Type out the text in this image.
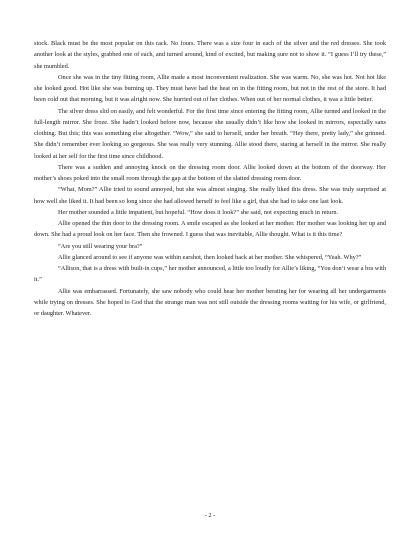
stock. Black must be the most popular on this rack. No fours. There was a size four in each of the silver and the red dresses. She took another look at the styles, grabbed one of each, and turned around, kind of excited, but making sure not to show it. “I guess I’ll try these,” she mumbled.

Once she was in the tiny fitting room, Allie made a most inconvenient realization. She was warm. No, she was hot. Not hot like she looked good. Hot like she was burning up. They must have had the heat on in the fitting room, but not in the rest of the store. It had been cold out that morning, but it was alright now. She hurried out of her clothes. When out of her normal clothes, it was a little better.

The silver dress slid on easily, and felt wonderful. For the first time since entering the fitting room, Allie turned and looked in the full-length mirror. She froze. She hadn’t looked before now, because she usually didn’t like how she looked in mirrors, especially sans clothing. But this; this was something else altogether. “Wow,” she said to herself, under her breath. “Hey there, pretty lady,” she grinned. She didn’t remember ever looking so gorgeous. She was really very stunning. Allie stood there, staring at herself in the mirror. She really looked at her self for the first time since childhood.

There was a sudden and annoying knock on the dressing room door. Allie looked down at the bottom of the doorway. Her mother’s shoes poked into the small room through the gap at the bottom of the slatted dressing room door.

“What, Mom?” Allie tried to sound annoyed, but she was almost singing. She really liked this dress. She was truly surprised at how well she liked it. It had been so long since she had allowed herself to feel like a girl, that she had to take one last look.

Her mother sounded a little impatient, but hopeful. “How does it look?” she said, not expecting much in return.

Allie opened the thin door to the dressing room. A smile escaped as she looked at her mother. Her mother was looking her up and down. She had a proud look on her face. Then she frowned. I guess that was inevitable, Allie thought. What is it this time?

“Are you still wearing your bra?”

Allie glanced around to see if anyone was within earshot, then looked back at her mother. She whispered, “Yeah. Why?”

“Allison, that is a dress with built-in cups,” her mother announced, a little too loudly for Allie’s liking, “You don’t wear a bra with it.”

Allie was embarrassed. Fortunately, she saw nobody who could hear her mother berating her for wearing all her undergarments while trying on dresses. She hoped to God that the strange man was not still outside the dressing rooms waiting for his wife, or girlfriend, or daughter. Whatever.

- 2 -
